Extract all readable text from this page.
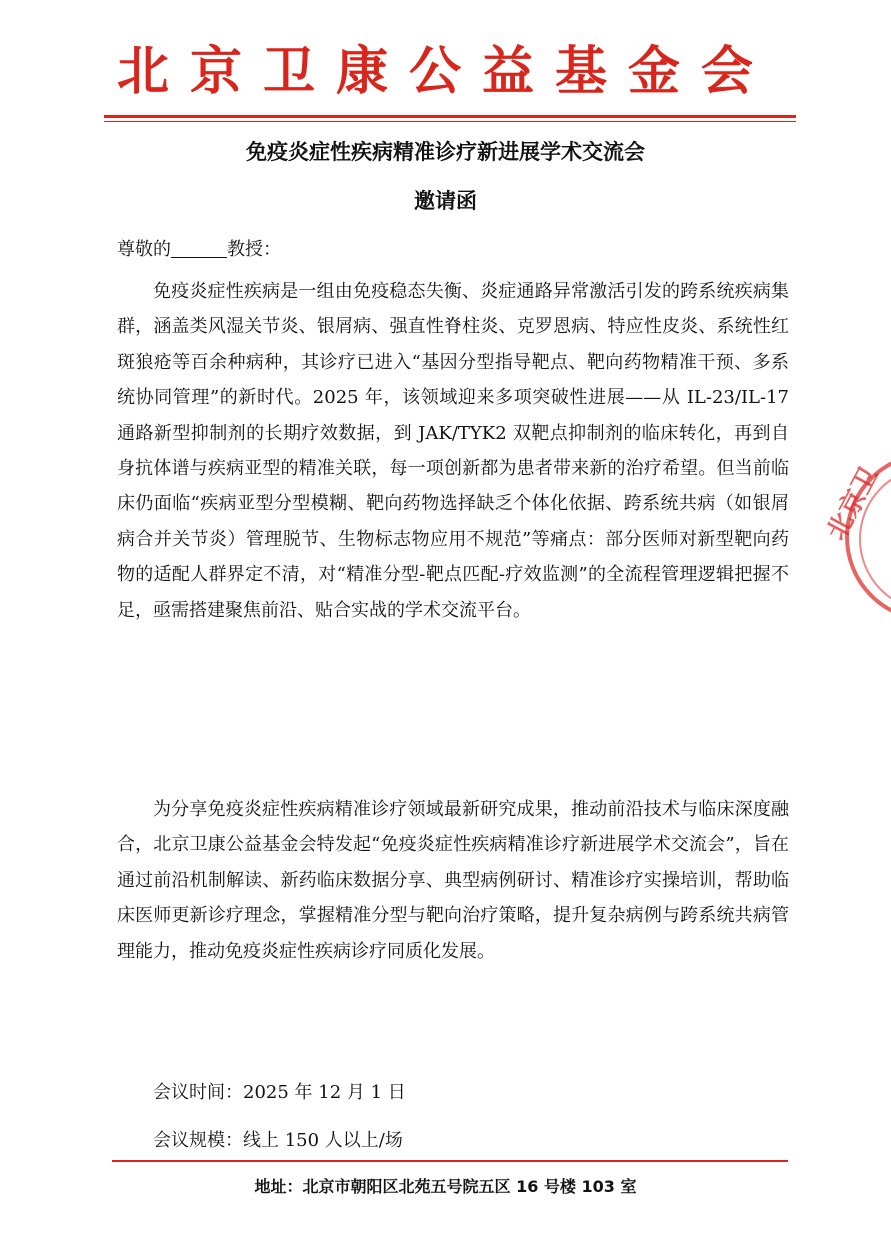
北京卫康公益基金会
免疫炎症性疾病精准诊疗新进展学术交流会
邀请函
尊敬的	教授：
免疫炎症性疾病是一组由免疫稳态失衡、炎症通路异常激活引发的跨系统疾病集群，涵盖类风湿关节炎、银屑病、强直性脊柱炎、克罗恩病、特应性皮炎、系统性红斑狼疮等百余种病种，其诊疗已进入“基因分型指导靶点、靶向药物精准干预、多系统协同管理”的新时代。2025 年，该领域迎来多项突破性进展——从 IL-23/IL-17 通路新型抑制剂的长期疗效数据，到 JAK/TYK2 双靶点抑制剂的临床转化，再到自身抗体谱与疾病亚型的精准关联，每一项创新都为患者带来新的治疗希望。但当前临床仍面临“疾病亚型分型模糊、靶向药物选择缺乏个体化依据、跨系统共病（如银屑病合并关节炎）管理脱节、生物标志物应用不规范”等痛点：部分医师对新型靶向药物的适配人群界定不清，对“精准分型-靶点匹配-疗效监测”的全流程管理逻辑把握不足，亟需搭建聚焦前沿、贴合实战的学术交流平台。
为分享免疫炎症性疾病精准诊疗领域最新研究成果，推动前沿技术与临床深度融合，北京卫康公益基金会特发起“免疫炎症性疾病精准诊疗新进展学术交流会”，旨在通过前沿机制解读、新药临床数据分享、典型病例研讨、精准诊疗实操培训，帮助临床医师更新诊疗理念，掌握精准分型与靶向治疗策略，提升复杂病例与跨系统共病管理能力，推动免疫炎症性疾病诊疗同质化发展。
会议时间：2025 年 12 月 1 日
会议规模：线上 150 人以上/场
地址：北京市朝阳区北苑五号院五区 16 号楼 103 室
北京卫
